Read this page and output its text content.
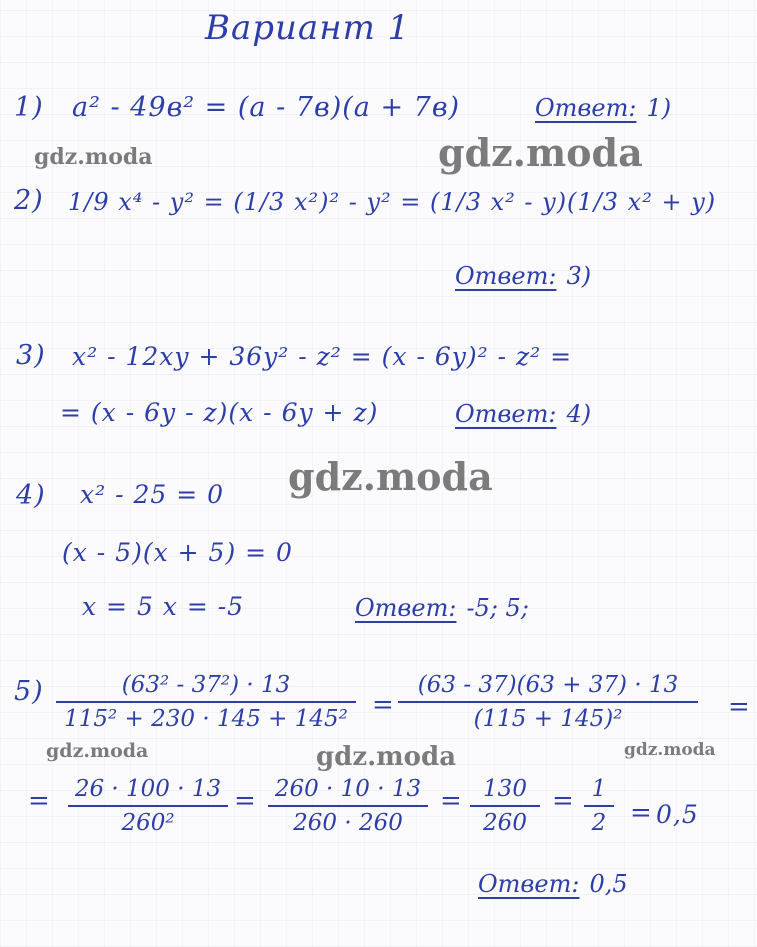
Вариант 1
1) a² - 49в² = (a - 7в)(a + 7в)	Ответ: 1)
2) 1/9 x⁴ - y² = (1/3 x²)² - y² = (1/3 x² - y)(1/3 x² + y)
Ответ: 3)
3) x² - 12xy + 36y² - z² = (x - 6y)² - z² =
= (x - 6y - z)(x - 6y + z)	Ответ: 4)
4) x² - 25 = 0
(x - 5)(x + 5) = 0
x = 5 x = -5	Ответ: -5; 5;
5)	(63² - 37²) · 13
115² + 230 · 145 + 145² =
(63 - 37)(63 + 37) · 13
(115 + 145)²	=
= 26 · 100 · 13
260²
= 260 · 10 · 13
260 · 260
= 130
260
= 1
2 = 0,5
Ответ: 0,5
gdz.moda	gdz.moda
gdz.moda
gdz.moda	gdz.moda	gdz.moda
